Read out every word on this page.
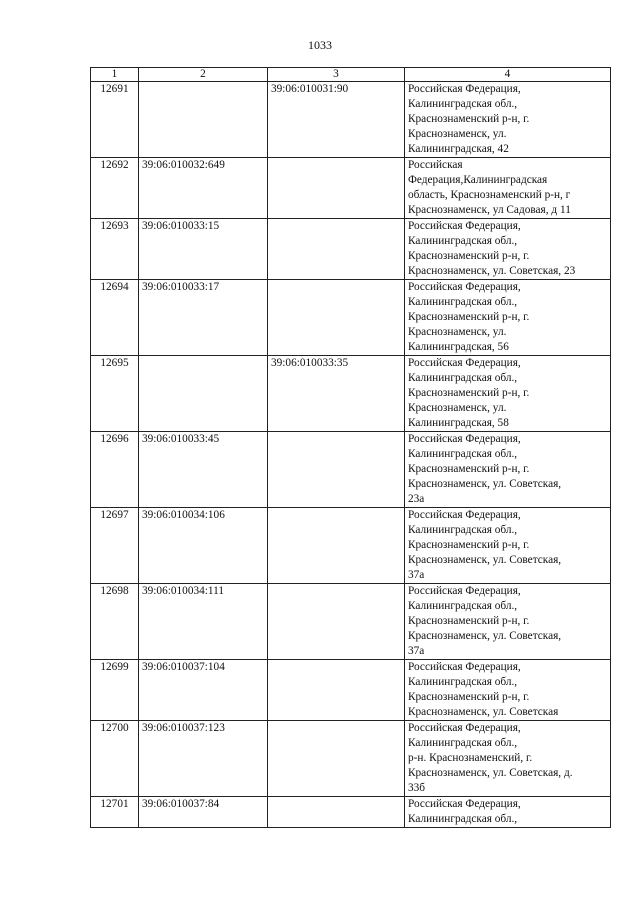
1033
1	2	3	4
12691		39:06:010031:90	Российская Федерация,
Калининградская обл.,
Краснознаменский р-н, г.
Краснознаменск, ул.
Калининградская, 42
12692	39:06:010032:649		Российская
Федерация,Калининградская
область, Краснознаменский р-н, г
Краснознаменск, ул Садовая, д 11
12693	39:06:010033:15		Российская Федерация,
Калининградская обл.,
Краснознаменский р-н, г.
Краснознаменск, ул. Советская, 23
12694	39:06:010033:17		Российская Федерация,
Калининградская обл.,
Краснознаменский р-н, г.
Краснознаменск, ул.
Калининградская, 56
12695		39:06:010033:35	Российская Федерация,
Калининградская обл.,
Краснознаменский р-н, г.
Краснознаменск, ул.
Калининградская, 58
12696	39:06:010033:45		Российская Федерация,
Калининградская обл.,
Краснознаменский р-н, г.
Краснознаменск, ул. Советская,
23а
12697	39:06:010034:106		Российская Федерация,
Калининградская обл.,
Краснознаменский р-н, г.
Краснознаменск, ул. Советская,
37а
12698	39:06:010034:111		Российская Федерация,
Калининградская обл.,
Краснознаменский р-н, г.
Краснознаменск, ул. Советская,
37а
12699	39:06:010037:104		Российская Федерация,
Калининградская обл.,
Краснознаменский р-н, г.
Краснознаменск, ул. Советская
12700	39:06:010037:123		Российская Федерация,
Калининградская обл.,
р-н. Краснознаменский, г.
Краснознаменск, ул. Советская, д.
33б
12701	39:06:010037:84		Российская Федерация,
Калининградская обл.,
